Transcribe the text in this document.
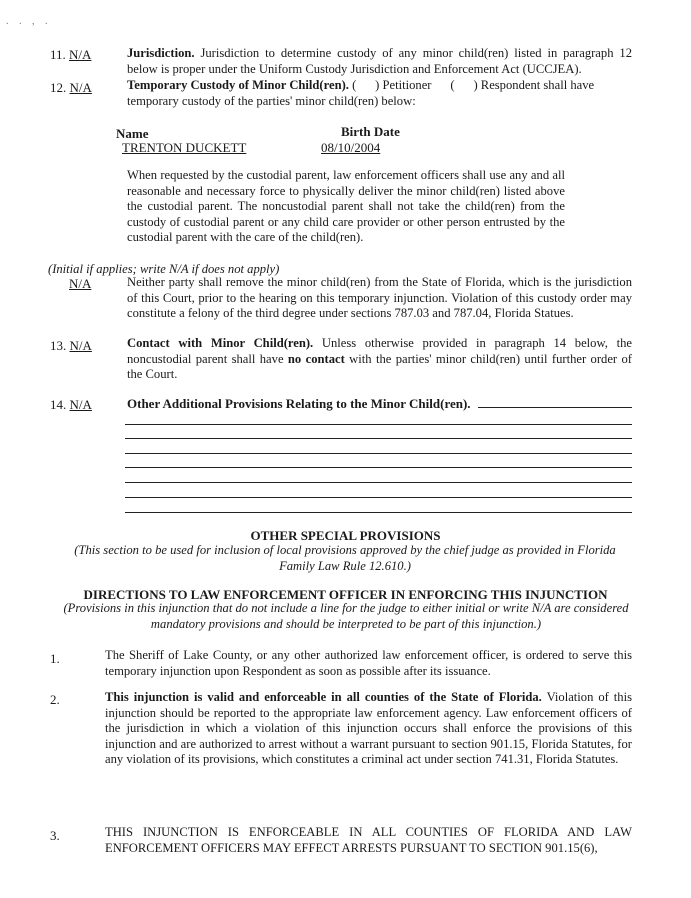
. . , .
11. N/A	Jurisdiction. Jurisdiction to determine custody of any minor child(ren) listed in paragraph 12 below is proper under the Uniform Custody Jurisdiction and Enforcement Act (UCCJEA).
12. N/A	Temporary Custody of Minor Child(ren). (      ) Petitioner      (      ) Respondent shall have
temporary custody of the parties' minor child(ren) below:
Name	Birth Date
TRENTON DUCKETT	08/10/2004
When requested by the custodial parent, law enforcement officers shall use any and all reasonable and necessary force to physically deliver the minor child(ren) listed above the custodial parent. The noncustodial parent shall not take the child(ren) from the custody of custodial parent or any child care provider or other person entrusted by the custodial parent with the care of the child(ren).
(Initial if applies; write N/A if does not apply)
N/A	Neither party shall remove the minor child(ren) from the State of Florida, which is the jurisdiction of this Court, prior to the hearing on this temporary injunction. Violation of this custody order may constitute a felony of the third degree under sections 787.03 and 787.04, Florida Statues.
13. N/A	Contact with Minor Child(ren). Unless otherwise provided in paragraph 14 below, the noncustodial parent shall have no contact with the parties' minor child(ren) until further order of the Court.
14. N/A	Other Additional Provisions Relating to the Minor Child(ren).
OTHER SPECIAL PROVISIONS
(This section to be used for inclusion of local provisions approved by the chief judge as provided in Florida Family Law Rule 12.610.)
DIRECTIONS TO LAW ENFORCEMENT OFFICER IN ENFORCING THIS INJUNCTION
(Provisions in this injunction that do not include a line for the judge to either initial or write N/A are considered mandatory provisions and should be interpreted to be part of this injunction.)
1.	The Sheriff of Lake County, or any other authorized law enforcement officer, is ordered to serve this temporary injunction upon Respondent as soon as possible after its issuance.
2.	This injunction is valid and enforceable in all counties of the State of Florida. Violation of this injunction should be reported to the appropriate law enforcement agency. Law enforcement officers of the jurisdiction in which a violation of this injunction occurs shall enforce the provisions of this injunction and are authorized to arrest without a warrant pursuant to section 901.15, Florida Statutes, for any violation of its provisions, which constitutes a criminal act under section 741.31, Florida Statutes.
3.	THIS INJUNCTION IS ENFORCEABLE IN ALL COUNTIES OF FLORIDA AND LAW ENFORCEMENT OFFICERS MAY EFFECT ARRESTS PURSUANT TO SECTION 901.15(6),
